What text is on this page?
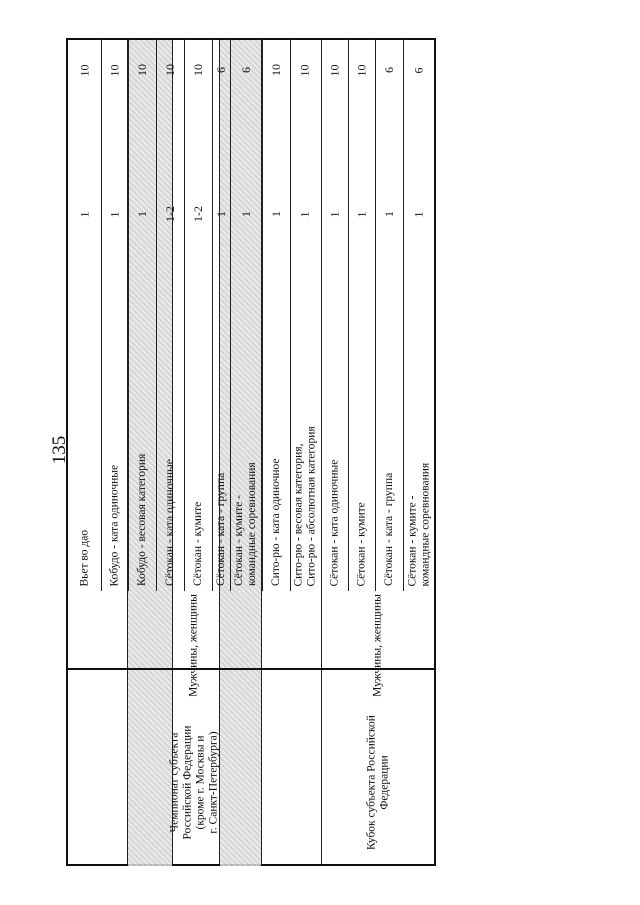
135
Вьет во дао
1
10
Кобудо - ката одиночные
1
10
Кобудо - весовая категория
1
10
Сётокан - ката одиночные
1-2
10
Сётокан - кумите
1-2
10
Сётокан - ката - группа
1
6
Сётокан - кумите - командные соревнования
1
6
Сито-рю - ката одиночное
1
10
Сито-рю - весовая категория, Сито-рю - абсолютная категория
1
10
Мужчины, женщины
Чемпионат субъекта Российской Федерации (кроме г. Москвы и г. Санкт-Петербурга)
Сётокан - ката одиночные
1
10
Сётокан - кумите
1
10
Сётокан - ката - группа
1
6
Сётокан - кумите - командные соревнования
1
6
Мужчины, женщины
Кубок субъекта Российской Федерации
